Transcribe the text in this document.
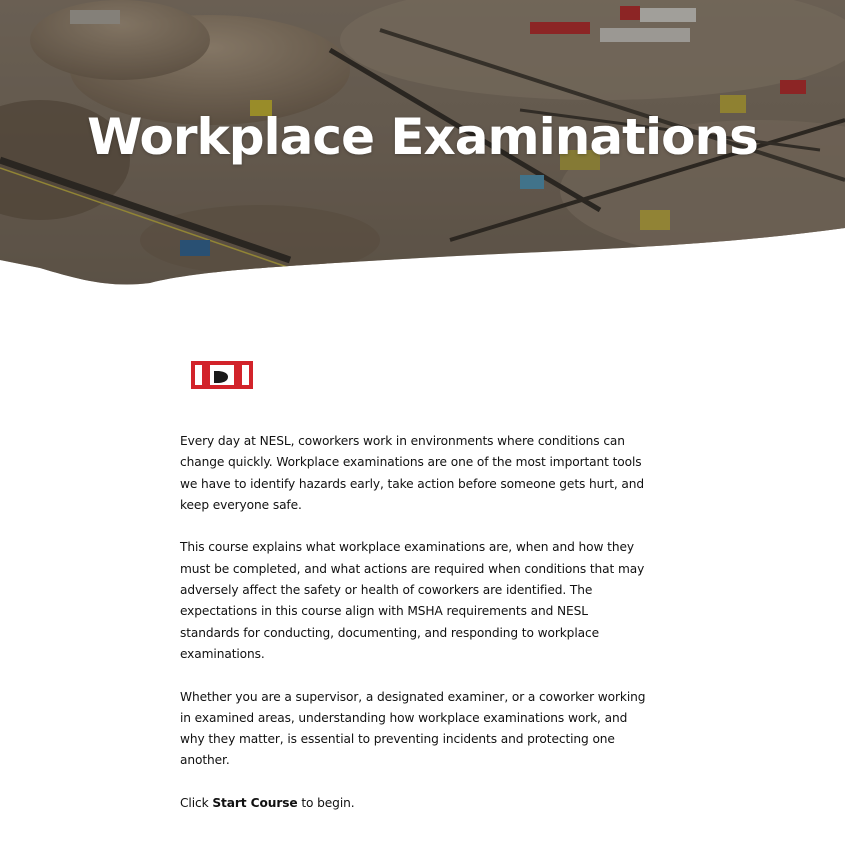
Workplace Examinations

Every day at NESL, coworkers work in environments where conditions can change quickly. Workplace examinations are one of the most important tools we have to identify hazards early, take action before someone gets hurt, and keep everyone safe.

This course explains what workplace examinations are, when and how they must be completed, and what actions are required when conditions that may adversely affect the safety or health of coworkers are identified. The expectations in this course align with MSHA requirements and NESL standards for conducting, documenting, and responding to workplace examinations.

Whether you are a supervisor, a designated examiner, or a coworker working in examined areas, understanding how workplace examinations work, and why they matter, is essential to preventing incidents and protecting one another.

Click Start Course to begin.
